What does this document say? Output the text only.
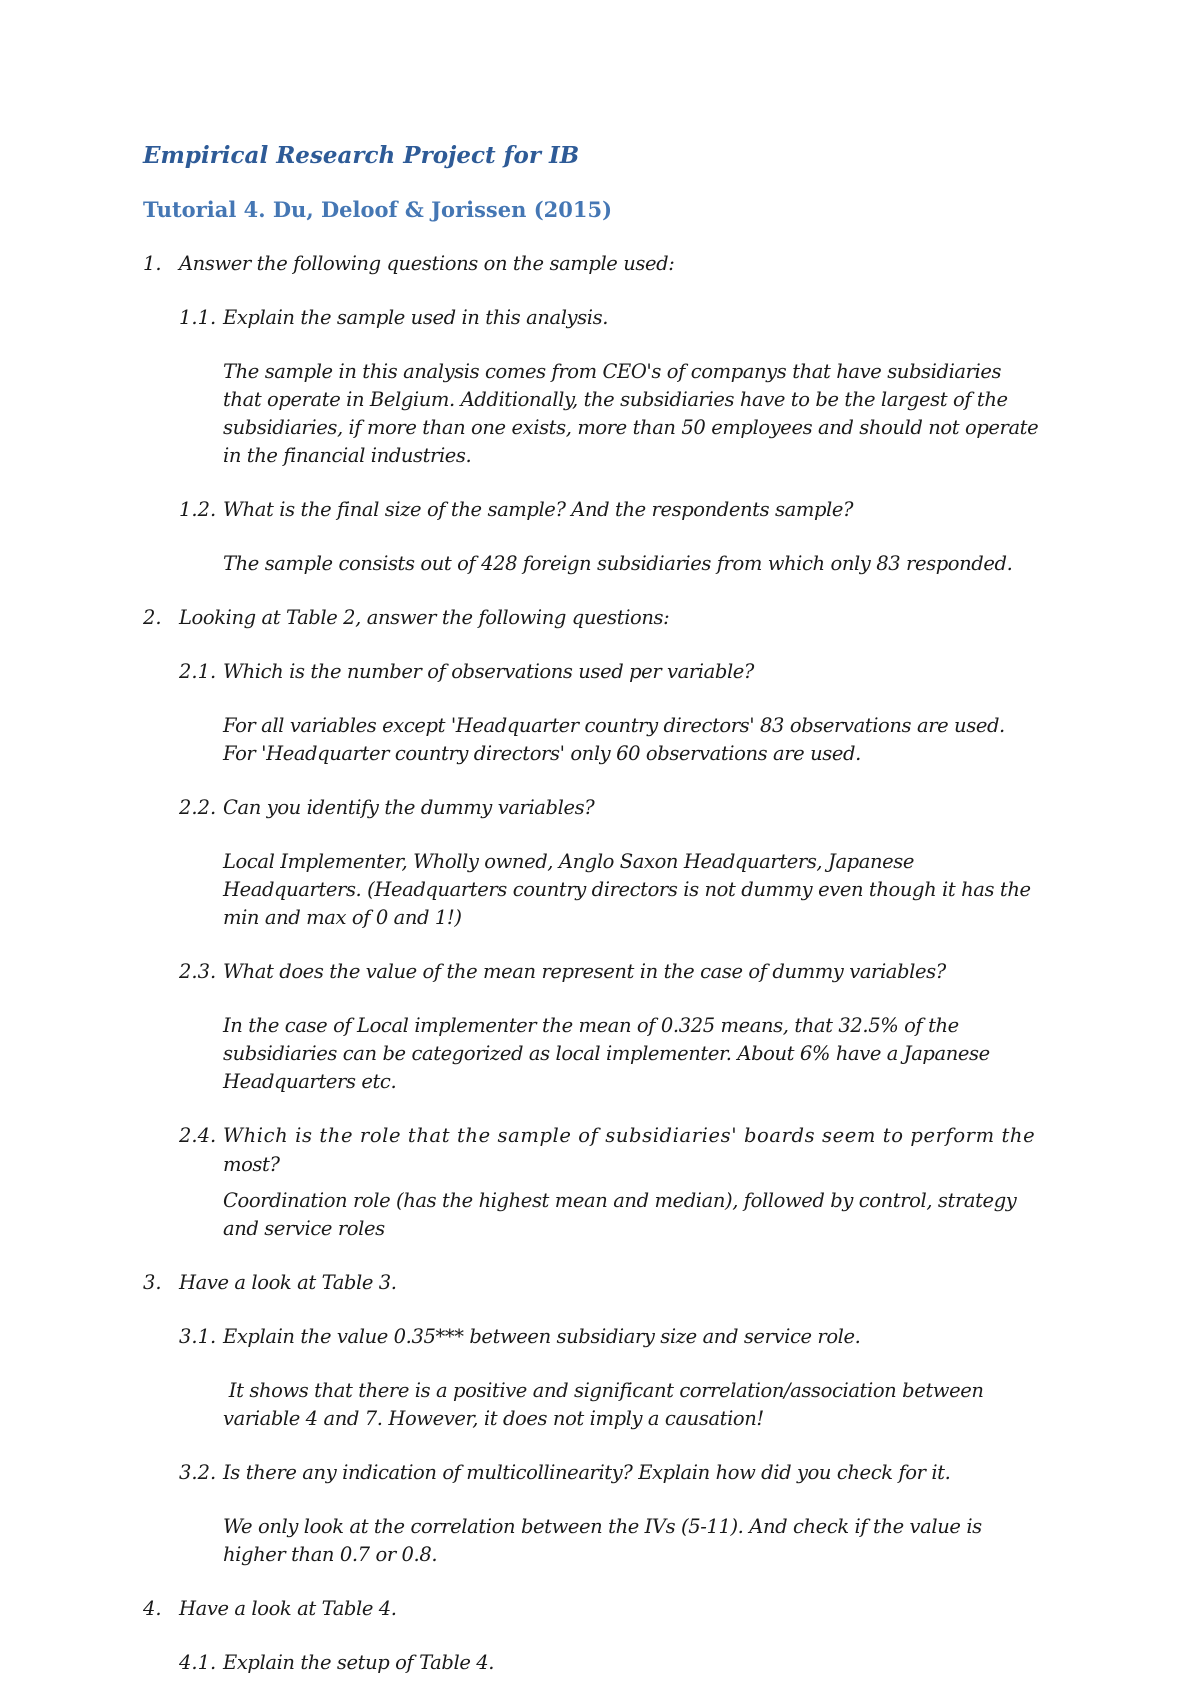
Empirical Research Project for IB
Tutorial 4. Du, Deloof & Jorissen (2015)
1. Answer the following questions on the sample used:
1.1. Explain the sample used in this analysis.
The sample in this analysis comes from CEO's of companys that have subsidiaries
that operate in Belgium. Additionally, the subsidiaries have to be the largest of the
subsidiaries, if more than one exists, more than 50 employees and should not operate
in the financial industries.
1.2. What is the final size of the sample? And the respondents sample?
The sample consists out of 428 foreign subsidiaries from which only 83 responded.
2. Looking at Table 2, answer the following questions:
2.1. Which is the number of observations used per variable?
For all variables except 'Headquarter country directors' 83 observations are used.
For 'Headquarter country directors' only 60 observations are used.
2.2. Can you identify the dummy variables?
Local Implementer, Wholly owned, Anglo Saxon Headquarters, Japanese
Headquarters. (Headquarters country directors is not dummy even though it has the
min and max of 0 and 1!)
2.3. What does the value of the mean represent in the case of dummy variables?
In the case of Local implementer the mean of 0.325 means, that 32.5% of the
subsidiaries can be categorized as local implementer. About 6% have a Japanese
Headquarters etc.
2.4. Which is the role that the sample of subsidiaries' boards seem to perform the
most?
Coordination role (has the highest mean and median), followed by control, strategy
and service roles
3. Have a look at Table 3.
3.1. Explain the value 0.35*** between subsidiary size and service role.
It shows that there is a positive and significant correlation/association between
variable 4 and 7. However, it does not imply a causation!
3.2. Is there any indication of multicollinearity? Explain how did you check for it.
We only look at the correlation between the IVs (5-11). And check if the value is
higher than 0.7 or 0.8.
4. Have a look at Table 4.
4.1. Explain the setup of Table 4.
